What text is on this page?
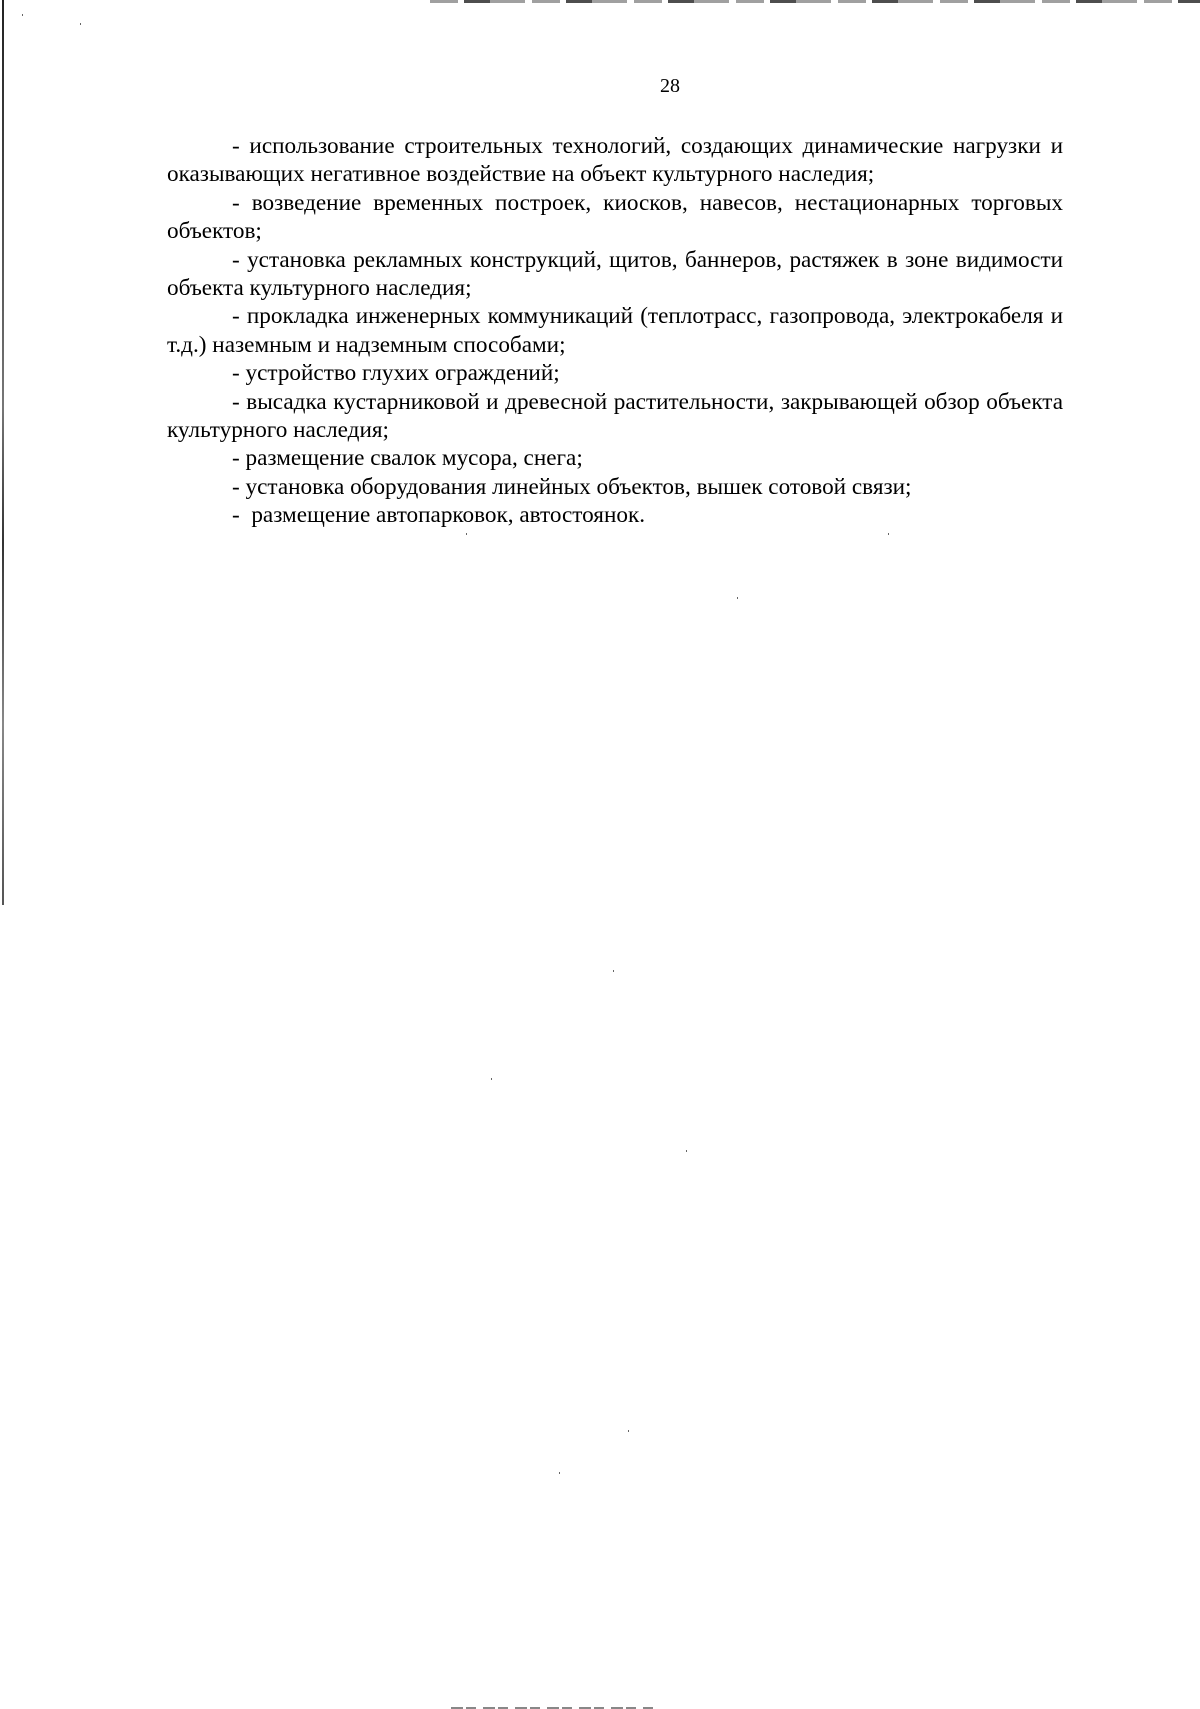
28

- использование строительных технологий, создающих динамические нагрузки и оказывающих негативное воздействие на объект культурного наследия;

- возведение временных построек, киосков, навесов, нестационарных торговых объектов;

- установка рекламных конструкций, щитов, баннеров, растяжек в зоне видимости объекта культурного наследия;

- прокладка инженерных коммуникаций (теплотрасс, газопровода, электрокабеля и т.д.) наземным и надземным способами;

- устройство глухих ограждений;

- высадка кустарниковой и древесной растительности, закрывающей обзор объекта культурного наследия;

- размещение свалок мусора, снега;

- установка оборудования линейных объектов, вышек сотовой связи;

-  размещение автопарковок, автостоянок.
